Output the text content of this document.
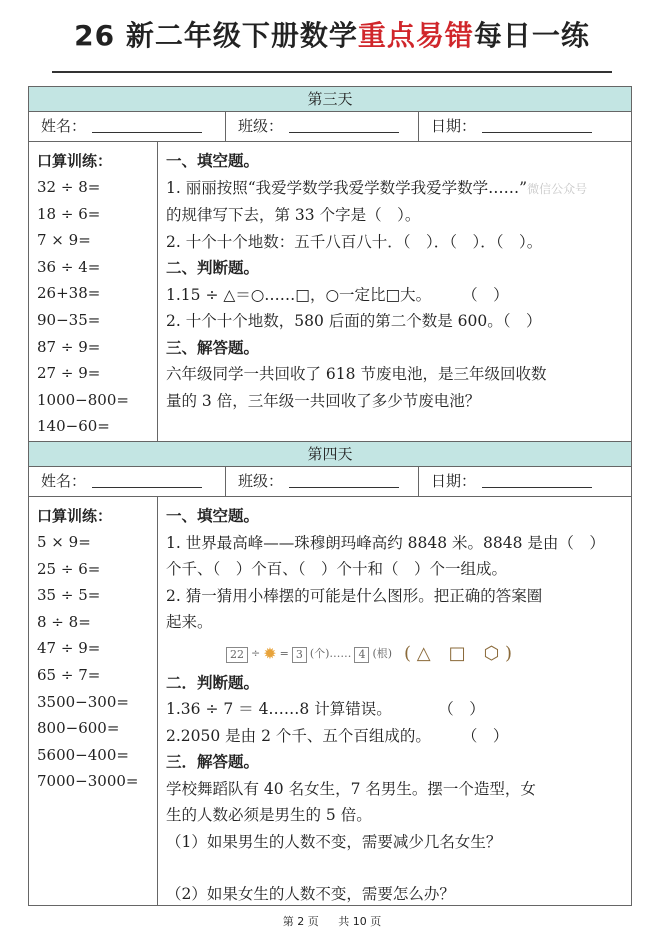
26 新二年级下册数学重点易错每日一练
第三天
姓名：	班级：	日期：
口算训练：
32 ÷ 8=
18 ÷ 6=
7 × 9=
36 ÷ 4=
26+38=
90−35=
87 ÷ 9=
27 ÷ 9=
1000−800=
140−60=
一、填空题。
1. 丽丽按照“我爱学数学我爱学数学我爱学数学……”微信公众号
的规律写下去，第 33 个字是（　）。
2. 十个十个地数：五千八百八十．（　）．（　）．（　）。
二、判断题。
1.15 ÷ △＝○……□，○一定比□大。　　　（　）
2. 十个十个地数，580 后面的第二个数是 600。（　）
三、解答题。
六年级同学一共回收了 618 节废电池，是三年级回收数
量的 3 倍，三年级一共回收了多少节废电池？
第四天
姓名：	班级：	日期：
口算训练：
5 × 9=
25 ÷ 6=
35 ÷ 5=
8 ÷ 8=
47 ÷ 9=
65 ÷ 7=
3500−300=
800−600=
5600−400=
7000−3000=
一、填空题。
1. 世界最高峰——珠穆朗玛峰高约 8848 米。8848 是由（　）
个千、（　）个百、（　）个十和（　）个一组成。
2. 猜一猜用小棒摆的可能是什么图形。把正确的答案圈
起来。
22 ÷ ✹ = 3 (个)…… 4 (根) ( △　□　⬡ )
二．判断题。
1.36 ÷ 7 ＝ 4……8 计算错误。　　　　（　）
2.2050 是由 2 个千、五个百组成的。　　　（　）
三．解答题。
学校舞蹈队有 40 名女生，7 名男生。摆一个造型，女
生的人数必须是男生的 5 倍。
（1）如果男生的人数不变，需要减少几名女生？
（2）如果女生的人数不变，需要怎么办？
第 2 页 共 10 页
